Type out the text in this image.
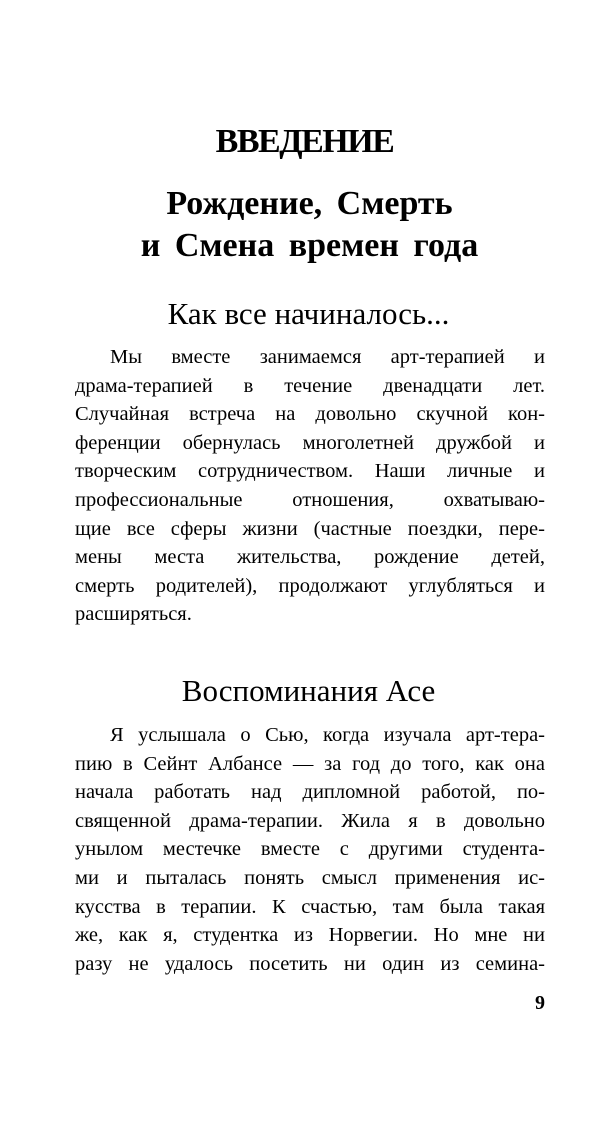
ВВЕДЕНИЕ
Рождение, Смерть
и Смена времен года
Как все начиналось...
Мы вместе занимаемся арт-терапией и
драма-терапией в течение двенадцати лет.
Случайная встреча на довольно скучной кон-
ференции обернулась многолетней дружбой и
творческим сотрудничеством. Наши личные и
профессиональные отношения, охватываю-
щие все сферы жизни (частные поездки, пере-
мены места жительства, рождение детей,
смерть родителей), продолжают углубляться и
расширяться.
Воспоминания Асе
Я услышала о Сью, когда изучала арт-тера-
пию в Сейнт Албансе — за год до того, как она
начала работать над дипломной работой, по-
священной драма-терапии. Жила я в довольно
унылом местечке вместе с другими студента-
ми и пыталась понять смысл применения ис-
кусства в терапии. К счастью, там была такая
же, как я, студентка из Норвегии. Но мне ни
разу не удалось посетить ни один из семина-
9
